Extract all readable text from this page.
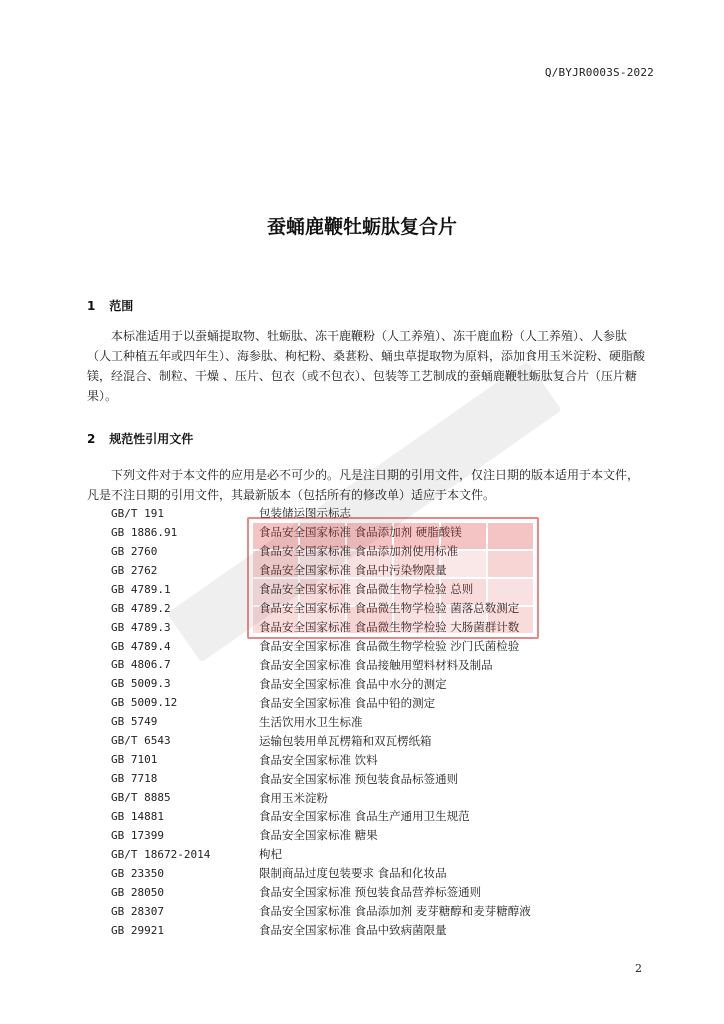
Q/BYJR0003S-2022
蚕蛹鹿鞭牡蛎肽复合片
1 范围
本标准适用于以蚕蛹提取物、牡蛎肽、冻干鹿鞭粉（人工养殖）、冻干鹿血粉（人工养殖）、人参肽（人工种植五年或四年生）、海参肽、枸杞粉、桑葚粉、蛹虫草提取物为原料，添加食用玉米淀粉、硬脂酸镁，经混合、制粒、干燥 、压片、包衣（或不包衣）、包装等工艺制成的蚕蛹鹿鞭牡蛎肽复合片（压片糖果）。
2 规范性引用文件
下列文件对于本文件的应用是必不可少的。凡是注日期的引用文件，仅注日期的版本适用于本文件，凡是不注日期的引用文件，其最新版本（包括所有的修改单）适应于本文件。
GB/T 191	包装储运图示标志
GB 1886.91	食品安全国家标准 食品添加剂 硬脂酸镁
GB 2760	食品安全国家标准 食品添加剂使用标准
GB 2762	食品安全国家标准 食品中污染物限量
GB 4789.1	食品安全国家标准 食品微生物学检验 总则
GB 4789.2	食品安全国家标准 食品微生物学检验 菌落总数测定
GB 4789.3	食品安全国家标准 食品微生物学检验 大肠菌群计数
GB 4789.4	食品安全国家标准 食品微生物学检验 沙门氏菌检验
GB 4806.7	食品安全国家标准 食品接触用塑料材料及制品
GB 5009.3	食品安全国家标准 食品中水分的测定
GB 5009.12	食品安全国家标准 食品中铅的测定
GB 5749	生活饮用水卫生标准
GB/T 6543	运输包装用单瓦楞箱和双瓦楞纸箱
GB 7101	食品安全国家标准 饮料
GB 7718	食品安全国家标准 预包装食品标签通则
GB/T 8885	食用玉米淀粉
GB 14881	食品安全国家标准 食品生产通用卫生规范
GB 17399	食品安全国家标准 糖果
GB/T 18672-2014	枸杞
GB 23350	限制商品过度包装要求 食品和化妆品
GB 28050	食品安全国家标准 预包装食品营养标签通则
GB 28307	食品安全国家标准 食品添加剂 麦芽糖醇和麦芽糖醇液
GB 29921	食品安全国家标准 食品中致病菌限量
2
